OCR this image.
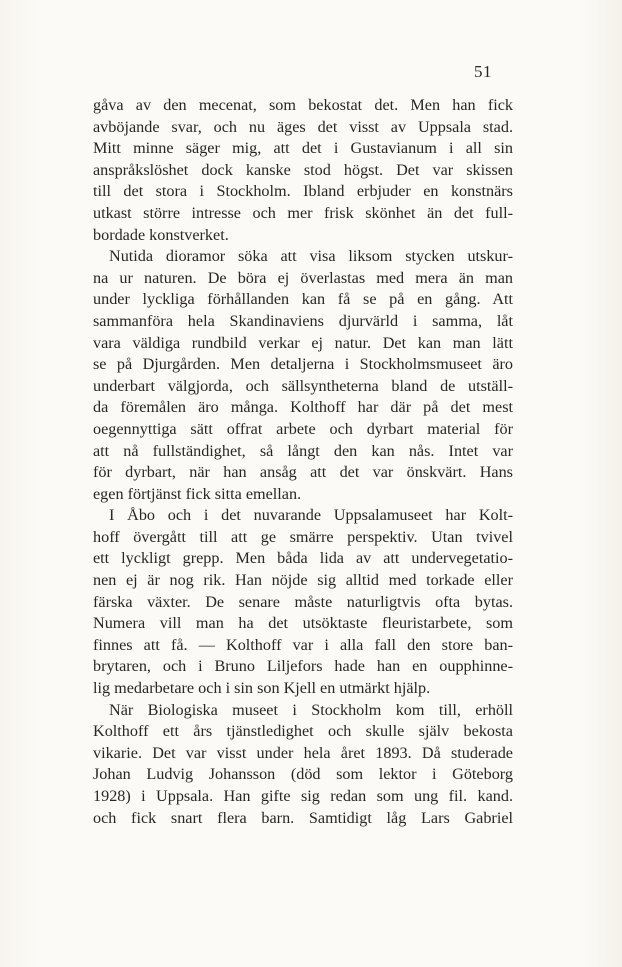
51
gåva av den mecenat, som bekostat det. Men han fick
avböjande svar, och nu äges det visst av Uppsala stad.
Mitt minne säger mig, att det i Gustavianum i all sin
anspråkslöshet dock kanske stod högst. Det var skissen
till det stora i Stockholm. Ibland erbjuder en konstnärs
utkast större intresse och mer frisk skönhet än det full-
bordade konstverket.
Nutida dioramor söka att visa liksom stycken utskur-
na ur naturen. De böra ej överlastas med mera än man
under lyckliga förhållanden kan få se på en gång. Att
sammanföra hela Skandinaviens djurvärld i samma, låt
vara väldiga rundbild verkar ej natur. Det kan man lätt
se på Djurgården. Men detaljerna i Stockholmsmuseet äro
underbart välgjorda, och sällsyntheterna bland de utställ-
da föremålen äro många. Kolthoff har där på det mest
oegennyttiga sätt offrat arbete och dyrbart material för
att nå fullständighet, så långt den kan nås. Intet var
för dyrbart, när han ansåg att det var önskvärt. Hans
egen förtjänst fick sitta emellan.
I Åbo och i det nuvarande Uppsalamuseet har Kolt-
hoff övergått till att ge smärre perspektiv. Utan tvivel
ett lyckligt grepp. Men båda lida av att undervegetatio-
nen ej är nog rik. Han nöjde sig alltid med torkade eller
färska växter. De senare måste naturligtvis ofta bytas.
Numera vill man ha det utsöktaste fleuristarbete, som
finnes att få. — Kolthoff var i alla fall den store ban-
brytaren, och i Bruno Liljefors hade han en oupphinne-
lig medarbetare och i sin son Kjell en utmärkt hjälp.
När Biologiska museet i Stockholm kom till, erhöll
Kolthoff ett års tjänstledighet och skulle själv bekosta
vikarie. Det var visst under hela året 1893. Då studerade
Johan Ludvig Johansson (död som lektor i Göteborg
1928) i Uppsala. Han gifte sig redan som ung fil. kand.
och fick snart flera barn. Samtidigt låg Lars Gabriel
